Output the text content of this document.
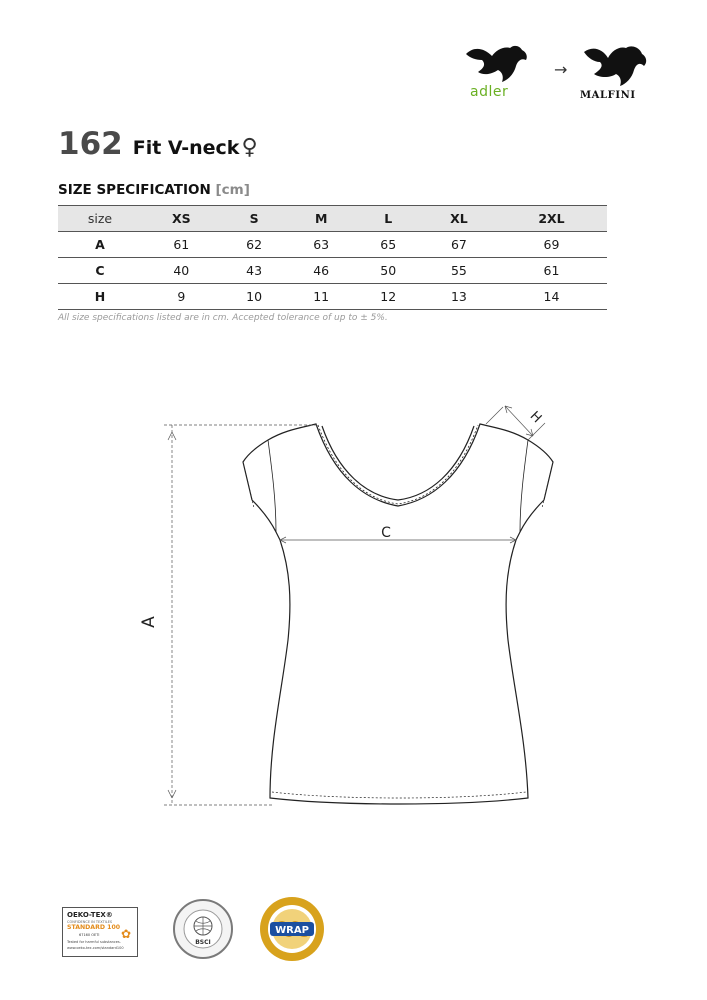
adler
→
MALFINI
162 Fit V-neck ♀
SIZE SPECIFICATION [cm]
size	XS	S	M	L	XL	2XL
A	61	62	63	65	67	69
C	40	43	46	50	55	61
H	9	10	11	12	13	14
All size specifications listed are in cm. Accepted tolerance of up to ± 5%.
A
C
H
OEKO-TEX®
CONFIDENCE IN TEXTILES
STANDARD 100
67160 OETI
Tested for harmful substances.
www.oeko-tex.com/standard100
✿
BSCI
WRAP
